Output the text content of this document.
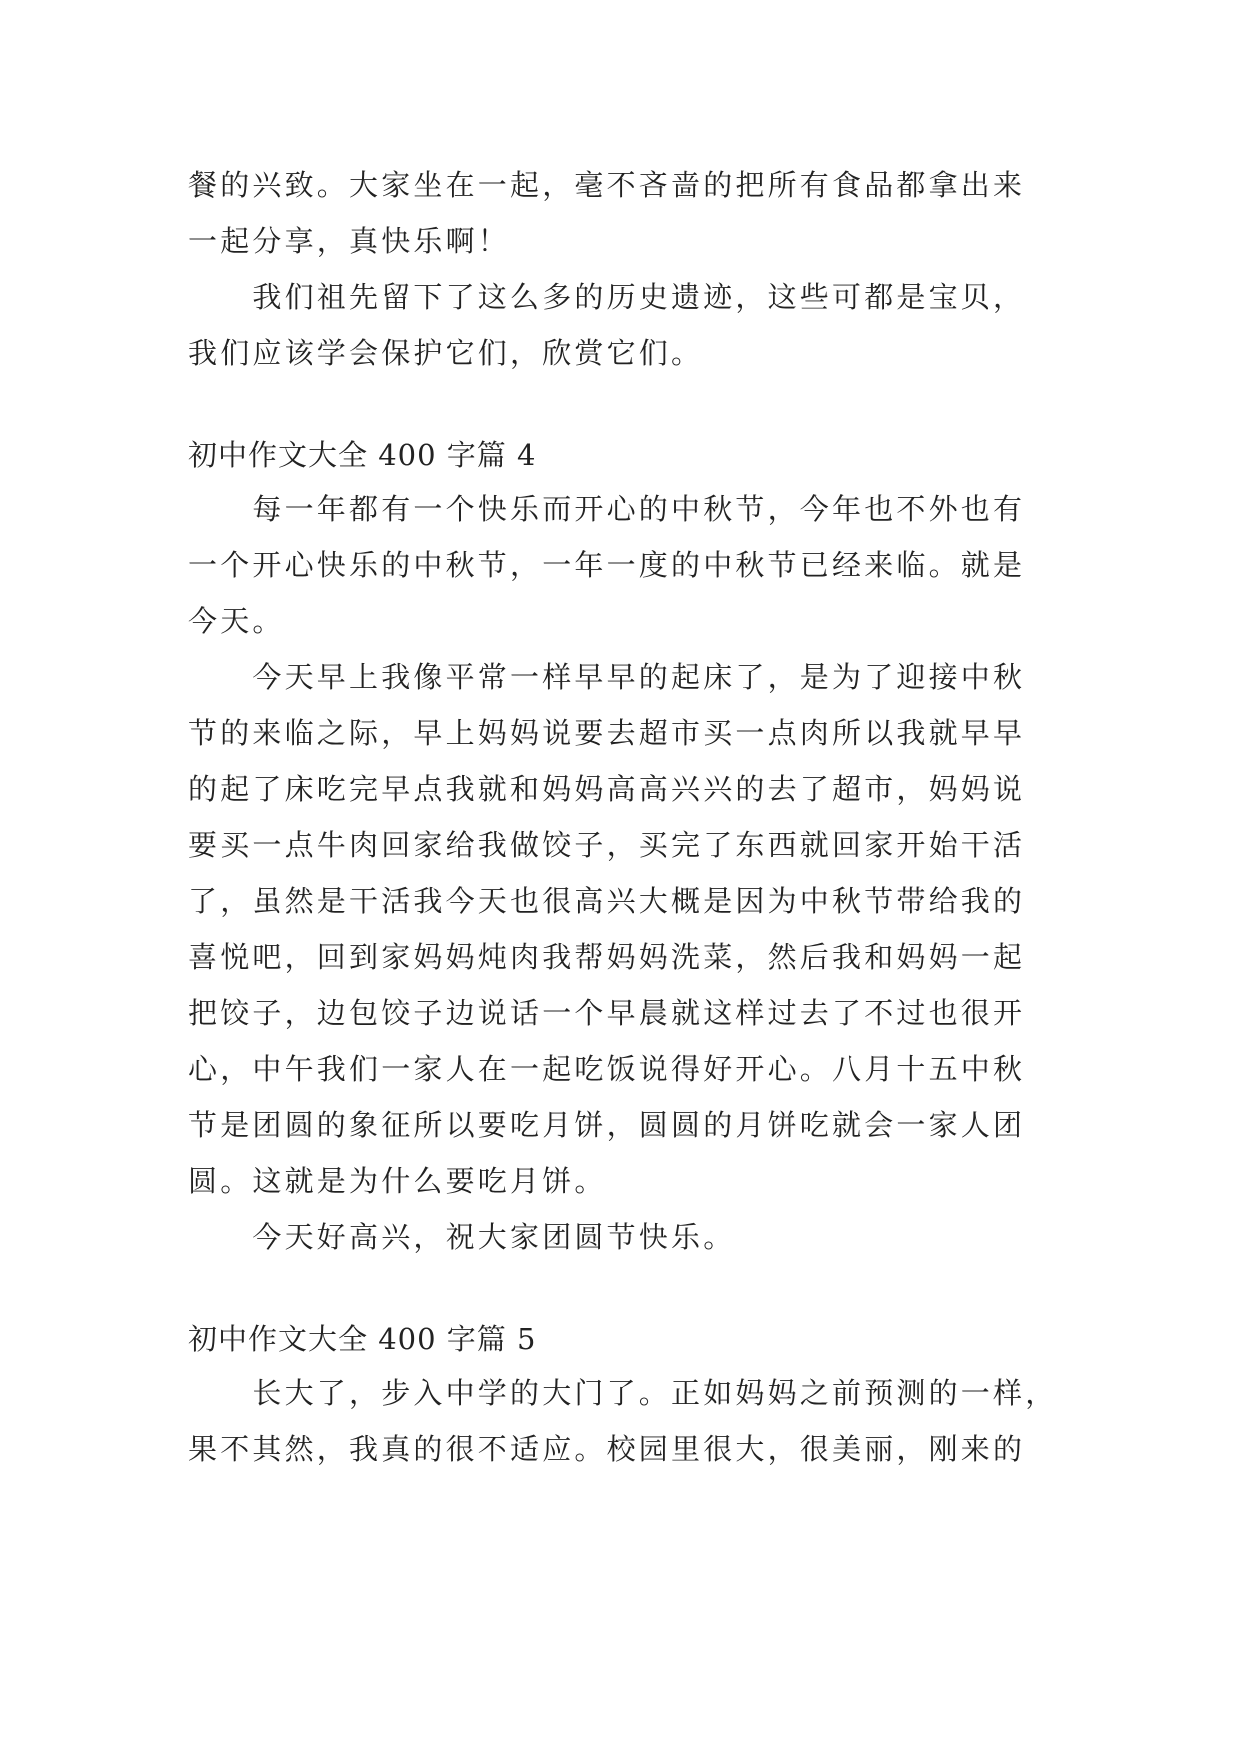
餐的兴致。大家坐在一起，毫不吝啬的把所有食品都拿出来
一起分享，真快乐啊！
　　我们祖先留下了这么多的历史遗迹，这些可都是宝贝，
我们应该学会保护它们，欣赏它们。
初中作文大全 400 字篇 4
　　每一年都有一个快乐而开心的中秋节，今年也不外也有
一个开心快乐的中秋节，一年一度的中秋节已经来临。就是
今天。
　　今天早上我像平常一样早早的起床了，是为了迎接中秋
节的来临之际，早上妈妈说要去超市买一点肉所以我就早早
的起了床吃完早点我就和妈妈高高兴兴的去了超市，妈妈说
要买一点牛肉回家给我做饺子，买完了东西就回家开始干活
了，虽然是干活我今天也很高兴大概是因为中秋节带给我的
喜悦吧，回到家妈妈炖肉我帮妈妈洗菜，然后我和妈妈一起
把饺子，边包饺子边说话一个早晨就这样过去了不过也很开
心，中午我们一家人在一起吃饭说得好开心。八月十五中秋
节是团圆的象征所以要吃月饼，圆圆的月饼吃就会一家人团
圆。这就是为什么要吃月饼。
　　今天好高兴，祝大家团圆节快乐。
初中作文大全 400 字篇 5
　　长大了，步入中学的大门了。正如妈妈之前预测的一样，
果不其然，我真的很不适应。校园里很大，很美丽，刚来的
